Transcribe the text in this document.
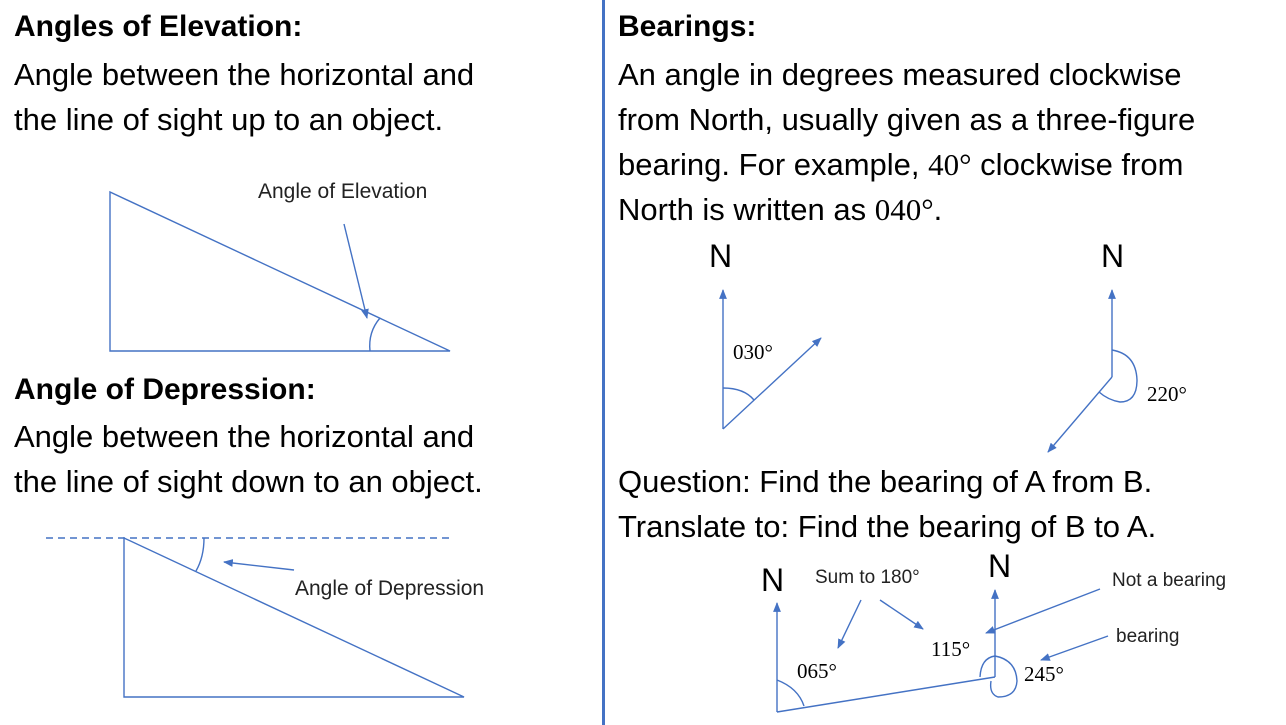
Angles of Elevation:
Angle between the horizontal and
the line of sight up to an object.
Angle of Elevation
Angle of Depression:
Angle between the horizontal and
the line of sight down to an object.
Angle of Depression
Bearings:
An angle in degrees measured clockwise
from North, usually given as a three-figure
bearing. For example, 40° clockwise from
North is written as 040°.
N	N
030°
220°
Question: Find the bearing of A from B.
Translate to: Find the bearing of B to A.
N	N
Sum to 180°
065°
115°
245°
Not a bearing
bearing
